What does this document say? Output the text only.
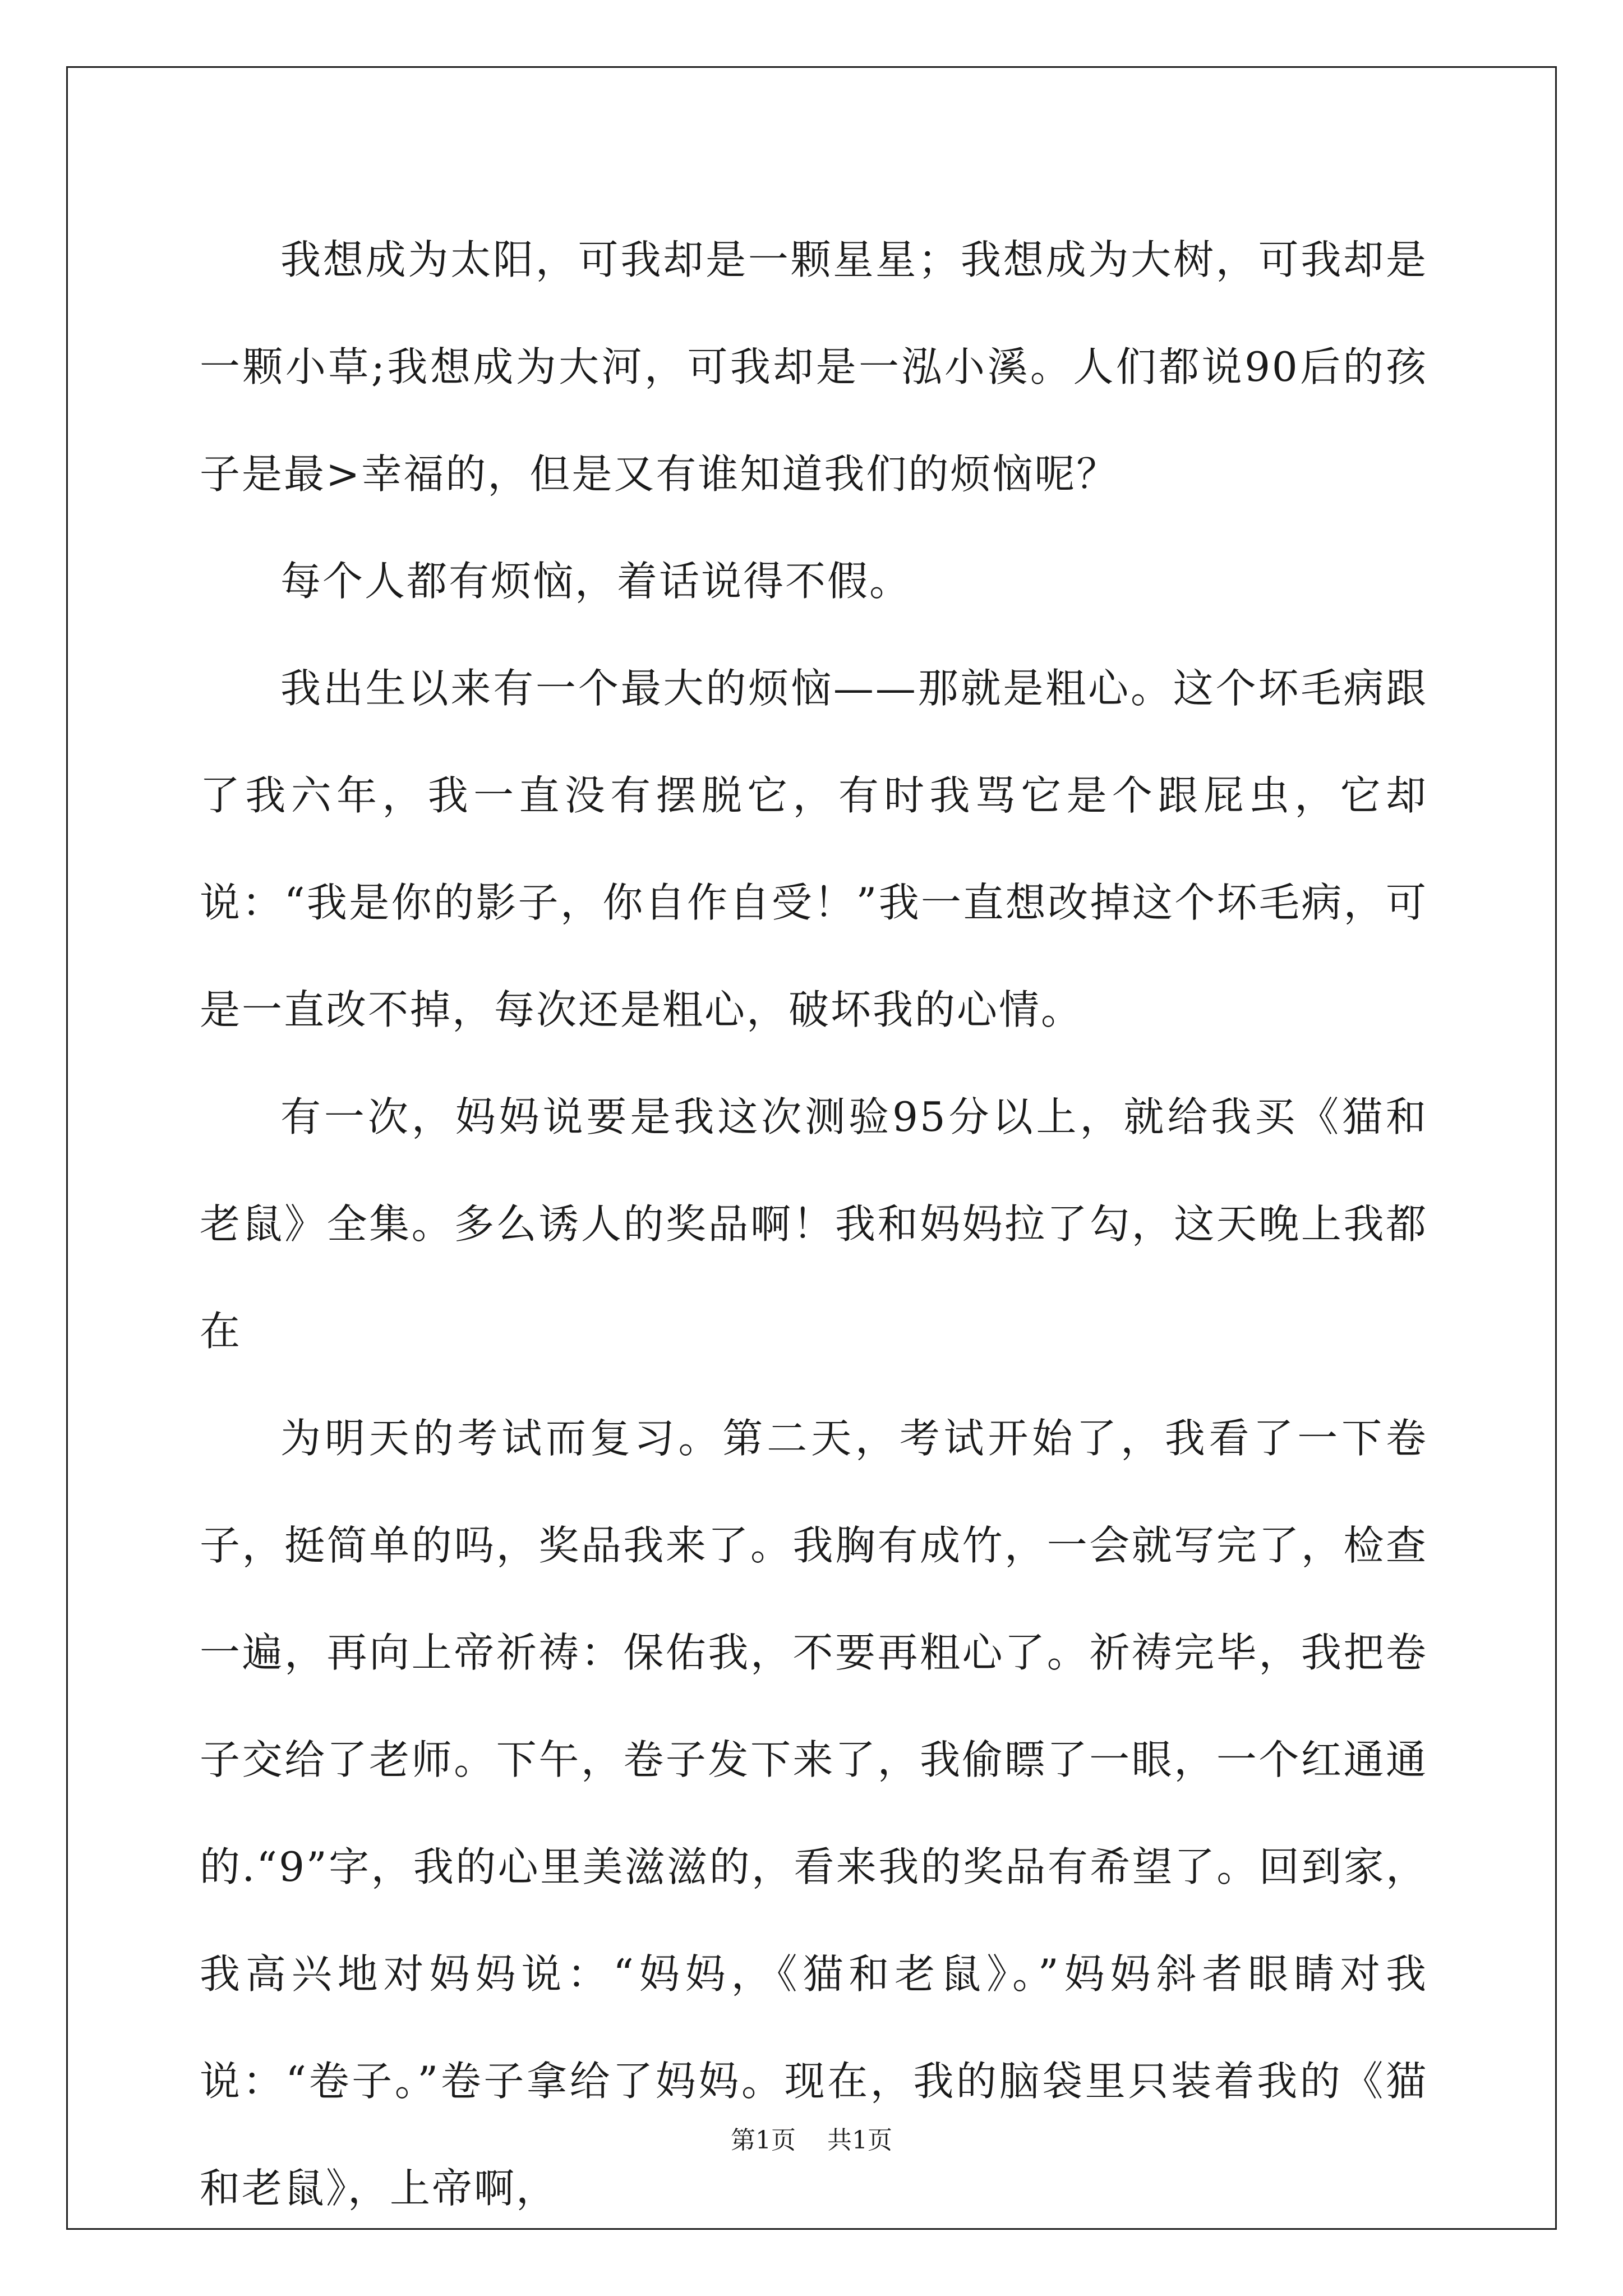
我想成为太阳，可我却是一颗星星；我想成为大树，可我却是一颗小草;我想成为大河，可我却是一泓小溪。人们都说90后的孩子是最>幸福的，但是又有谁知道我们的烦恼呢？

每个人都有烦恼，着话说得不假。

我出生以来有一个最大的烦恼——那就是粗心。这个坏毛病跟了我六年，我一直没有摆脱它，有时我骂它是个跟屁虫，它却说：“我是你的影子，你自作自受！”我一直想改掉这个坏毛病，可是一直改不掉，每次还是粗心，破坏我的心情。

有一次，妈妈说要是我这次测验95分以上，就给我买《猫和老鼠》全集。多么诱人的奖品啊！我和妈妈拉了勾，这天晚上我都在

为明天的考试而复习。第二天，考试开始了，我看了一下卷子，挺简单的吗，奖品我来了。我胸有成竹，一会就写完了，检查一遍，再向上帝祈祷：保佑我，不要再粗心了。祈祷完毕，我把卷子交给了老师。下午，卷子发下来了，我偷瞟了一眼，一个红通通的.“9”字，我的心里美滋滋的，看来我的奖品有希望了。回到家，我高兴地对妈妈说：“妈妈，《猫和老鼠》。”妈妈斜者眼睛对我说：“卷子。”卷子拿给了妈妈。现在，我的脑袋里只装着我的《猫和老鼠》，上帝啊，

第1页 共1页
